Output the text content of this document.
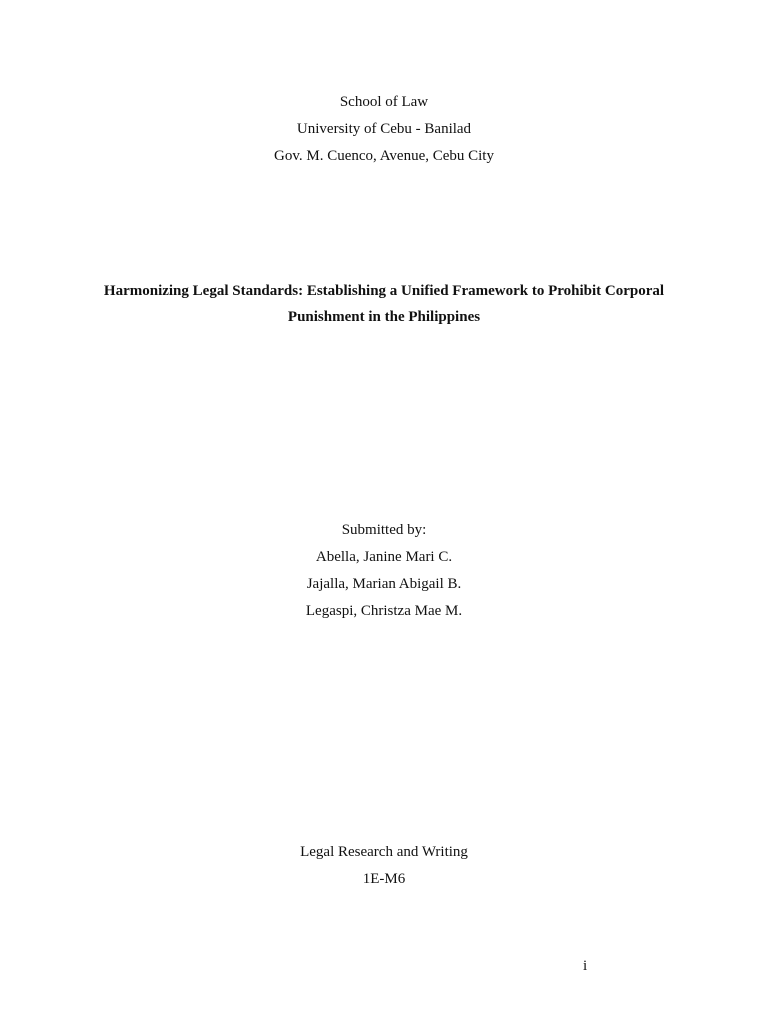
School of Law
University of Cebu - Banilad
Gov. M. Cuenco, Avenue, Cebu City
Harmonizing Legal Standards: Establishing a Unified Framework to Prohibit Corporal
Punishment in the Philippines
Submitted by:
Abella, Janine Mari C.
Jajalla, Marian Abigail B.
Legaspi, Christza Mae M.
Legal Research and Writing
1E-M6
i
